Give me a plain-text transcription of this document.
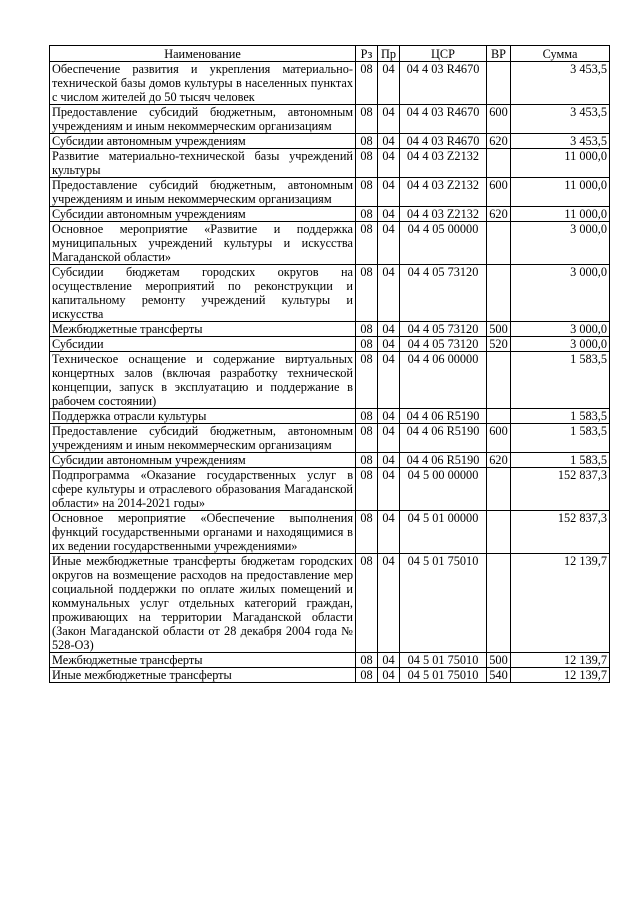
Наименование	Рз	Пр	ЦСР	ВР	Сумма
Обеспечение развития и укрепления материально-технической базы домов культуры в населенных пунктах с числом жителей до 50 тысяч человек	08	04	04 4 03 R4670		3 453,5
Предоставление субсидий бюджетным, автономным учреждениям и иным некоммерческим организациям	08	04	04 4 03 R4670	600	3 453,5
Субсидии автономным учреждениям	08	04	04 4 03 R4670	620	3 453,5
Развитие материально-технической базы учреждений культуры	08	04	04 4 03 Z2132		11 000,0
Предоставление субсидий бюджетным, автономным учреждениям и иным некоммерческим организациям	08	04	04 4 03 Z2132	600	11 000,0
Субсидии автономным учреждениям	08	04	04 4 03 Z2132	620	11 000,0
Основное мероприятие «Развитие и поддержка муниципальных учреждений культуры и искусства Магаданской области»	08	04	04 4 05 00000		3 000,0
Субсидии бюджетам городских округов на осуществление мероприятий по реконструкции и капитальному ремонту учреждений культуры и искусства	08	04	04 4 05 73120		3 000,0
Межбюджетные трансферты	08	04	04 4 05 73120	500	3 000,0
Субсидии	08	04	04 4 05 73120	520	3 000,0
Техническое оснащение и содержание виртуальных концертных залов (включая разработку технической концепции, запуск в эксплуатацию и поддержание в рабочем состоянии)	08	04	04 4 06 00000		1 583,5
Поддержка отрасли культуры	08	04	04 4 06 R5190		1 583,5
Предоставление субсидий бюджетным, автономным учреждениям и иным некоммерческим организациям	08	04	04 4 06 R5190	600	1 583,5
Субсидии автономным учреждениям	08	04	04 4 06 R5190	620	1 583,5
Подпрограмма «Оказание государственных услуг в сфере культуры и отраслевого образования Магаданской области» на 2014-2021 годы»	08	04	04 5 00 00000		152 837,3
Основное мероприятие «Обеспечение выполнения функций государственными органами и находящимися в их ведении государственными учреждениями»	08	04	04 5 01 00000		152 837,3
Иные межбюджетные трансферты бюджетам городских округов на возмещение расходов на предоставление мер социальной поддержки по оплате жилых помещений и коммунальных услуг отдельных категорий граждан, проживающих на территории Магаданской области (Закон Магаданской области от 28 декабря 2004 года № 528-ОЗ)	08	04	04 5 01 75010		12 139,7
Межбюджетные трансферты	08	04	04 5 01 75010	500	12 139,7
Иные межбюджетные трансферты	08	04	04 5 01 75010	540	12 139,7
